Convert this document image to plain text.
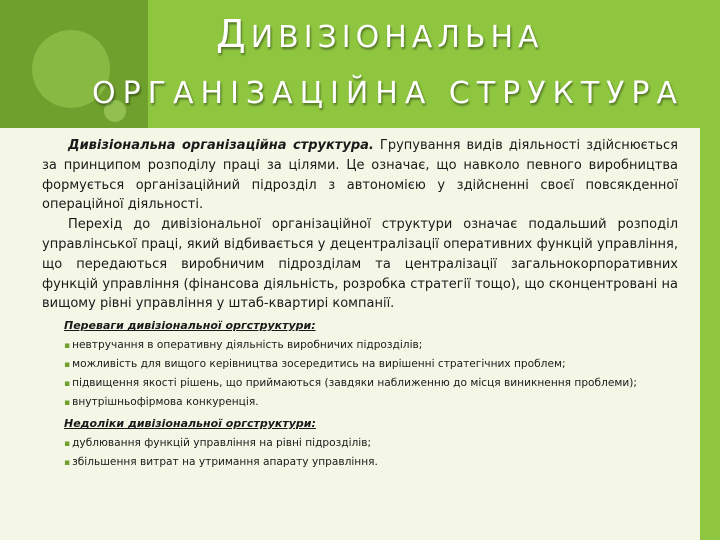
ДИВІЗІОНАЛЬНА
ОРГАНІЗАЦІЙНА СТРУКТУРА

Дивізіональна організаційна структура. Групування видів діяльності здійснюється за принципом розподілу праці за цілями. Це означає, що навколо певного виробництва формується організаційний підрозділ з автономією у здійсненні своєї повсякденної операційної діяльності.

Перехід до дивізіональної організаційної структури означає подальший розподіл управлінської праці, який відбивається у децентралізації оперативних функцій управління, що передаються виробничим підрозділам та централізації загальнокорпоративних функцій управління (фінансова діяльність, розробка стратегії тощо), що сконцентровані на вищому рівні управління у штаб-квартирі компанії.

Переваги дивізіональної оргструктури:

▪ невтручання в оперативну діяльність виробничих підрозділів;

▪ можливість для вищого керівництва зосередитись на вирішенні стратегічних проблем;

▪ підвищення якості рішень, що приймаються (завдяки наближенню до місця виникнення проблеми);

▪ внутрішньофірмова конкуренція.

Недоліки дивізіональної оргструктури:

▪ дублювання функцій управління на рівні підрозділів;

▪ збільшення витрат на утримання апарату управління.
